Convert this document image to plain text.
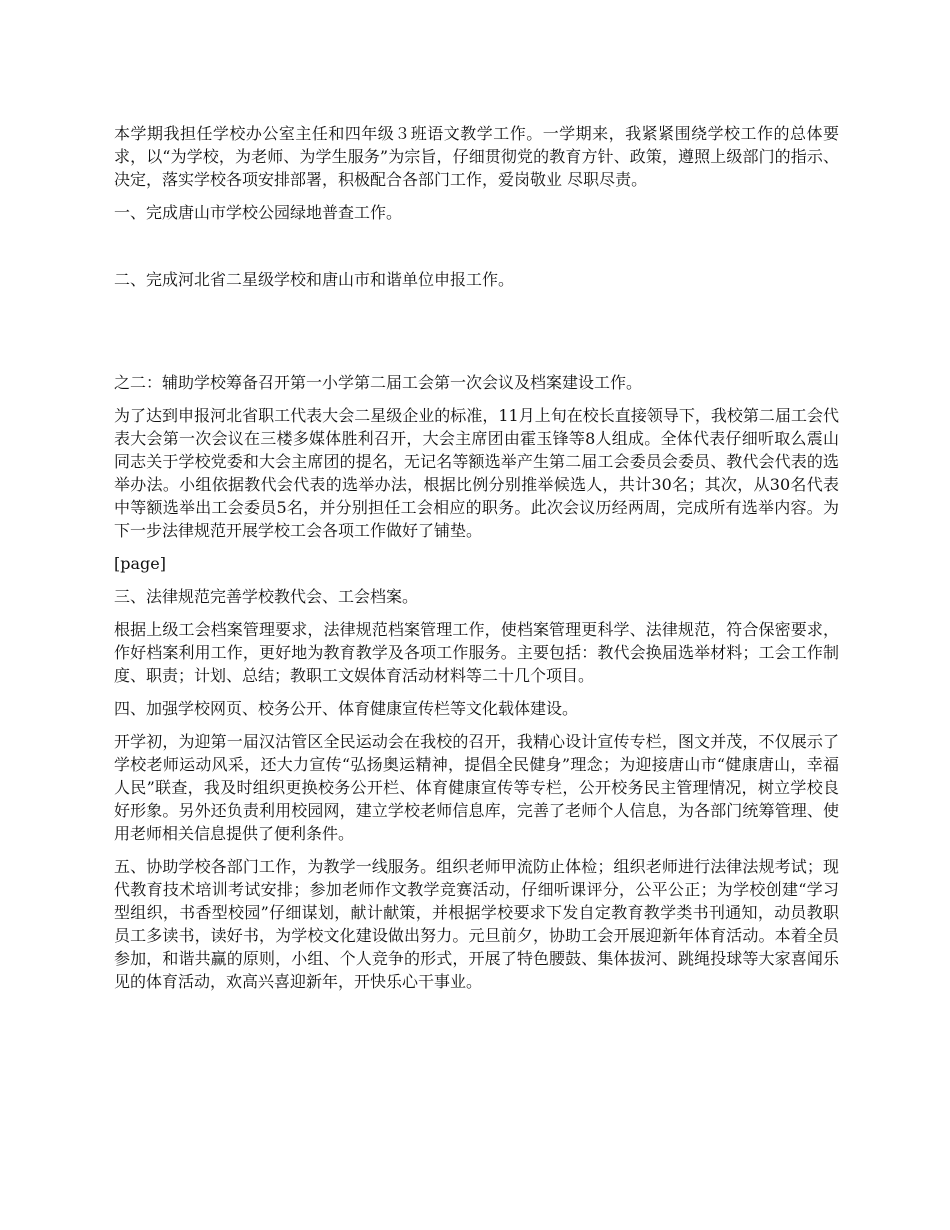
本学期我担任学校办公室主任和四年级３班语文教学工作。一学期来，我紧紧围绕学校工作的总体要求，以“为学校，为老师、为学生服务”为宗旨，仔细贯彻党的教育方针、政策，遵照上级部门的指示、决定，落实学校各项安排部署，积极配合各部门工作，爱岗敬业 尽职尽责。

一、完成唐山市学校公园绿地普查工作。

二、完成河北省二星级学校和唐山市和谐单位申报工作。

之二：辅助学校筹备召开第一小学第二届工会第一次会议及档案建设工作。

为了达到申报河北省职工代表大会二星级企业的标准，11月上旬在校长直接领导下，我校第二届工会代表大会第一次会议在三楼多媒体胜利召开，大会主席团由霍玉锋等8人组成。全体代表仔细听取么震山同志关于学校党委和大会主席团的提名，无记名等额选举产生第二届工会委员会委员、教代会代表的选举办法。小组依据教代会代表的选举办法，根据比例分别推举候选人，共计30名；其次，从30名代表中等额选举出工会委员5名，并分别担任工会相应的职务。此次会议历经两周，完成所有选举内容。为下一步法律规范开展学校工会各项工作做好了铺垫。

[page]

三、法律规范完善学校教代会、工会档案。

根据上级工会档案管理要求，法律规范档案管理工作，使档案管理更科学、法律规范，符合保密要求，作好档案利用工作，更好地为教育教学及各项工作服务。主要包括：教代会换届选举材料；工会工作制度、职责；计划、总结；教职工文娱体育活动材料等二十几个项目。

四、加强学校网页、校务公开、体育健康宣传栏等文化载体建设。

开学初，为迎第一届汉沽管区全民运动会在我校的召开，我精心设计宣传专栏，图文并茂，不仅展示了学校老师运动风采，还大力宣传“弘扬奥运精神，提倡全民健身”理念；为迎接唐山市“健康唐山，幸福人民”联查，我及时组织更换校务公开栏、体育健康宣传等专栏，公开校务民主管理情况，树立学校良好形象。另外还负责利用校园网，建立学校老师信息库，完善了老师个人信息，为各部门统筹管理、使用老师相关信息提供了便利条件。

五、协助学校各部门工作，为教学一线服务。组织老师甲流防止体检；组织老师进行法律法规考试；现代教育技术培训考试安排；参加老师作文教学竞赛活动，仔细听课评分，公平公正；为学校创建“学习型组织，书香型校园”仔细谋划，献计献策，并根据学校要求下发自定教育教学类书刊通知，动员教职员工多读书，读好书，为学校文化建设做出努力。元旦前夕，协助工会开展迎新年体育活动。本着全员参加，和谐共赢的原则，小组、个人竞争的形式，开展了特色腰鼓、集体拔河、跳绳投球等大家喜闻乐见的体育活动，欢高兴喜迎新年，开快乐心干事业。
